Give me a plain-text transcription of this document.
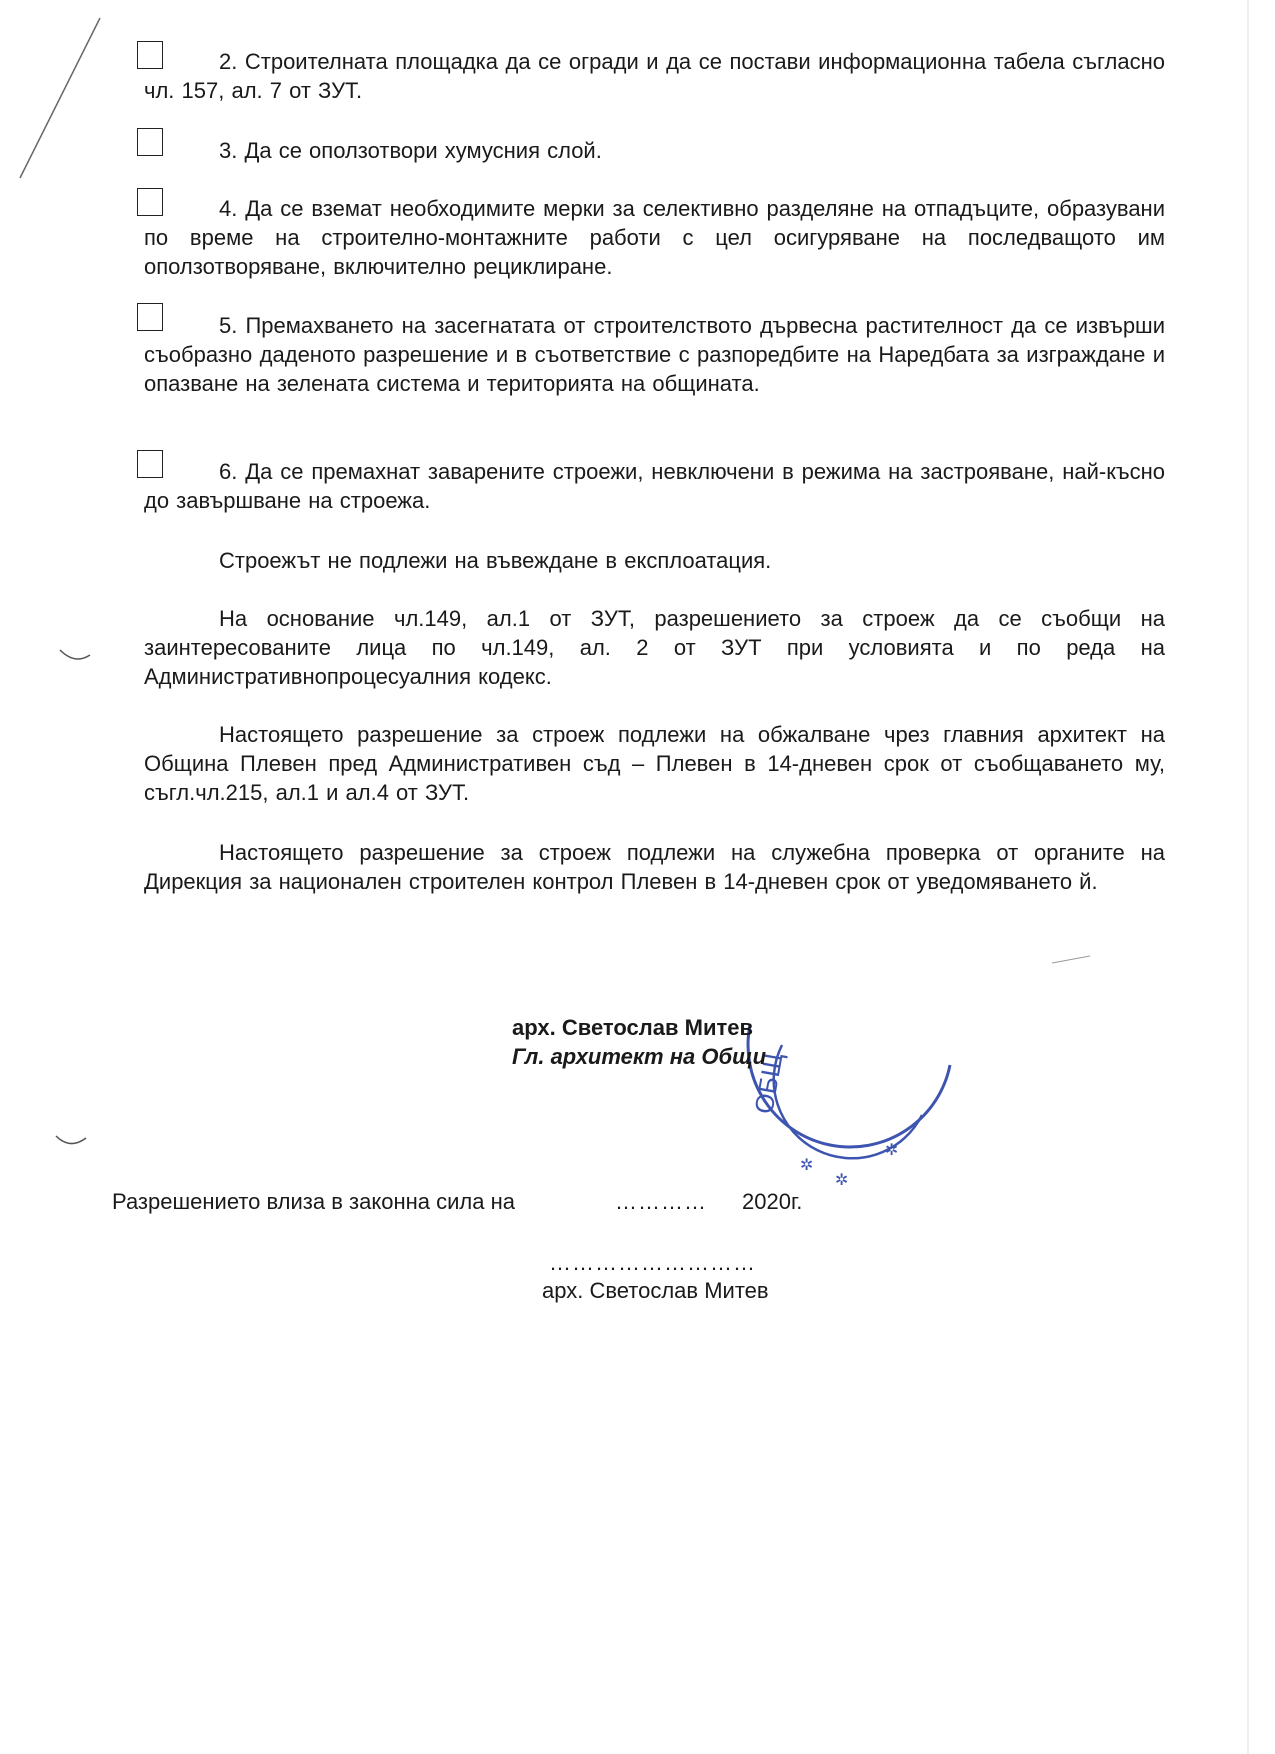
2. Строителната площадка да се огради и да се постави информационна табела съгласно чл. 157, ал. 7 от ЗУТ.

3. Да се оползотвори хумусния слой.

4. Да се вземат необходимите мерки за селективно разделяне на отпадъците, образувани по време на строително-монтажните работи с цел осигуряване на последващото им оползотворяване, включително рециклиране.

5. Премахването на засегнатата от строителството дървесна растителност да се извърши съобразно даденото разрешение и в съответствие с разпоредбите на Наредбата за изграждане и опазване на зелената система и територията на общината.

6. Да се премахнат заварените строежи, невключени в режима на застрояване, най-късно до завършване на строежа.

Строежът не подлежи на въвеждане в експлоатация.

На основание чл.149, ал.1 от ЗУТ, разрешението за строеж да се съобщи на заинтересованите лица по чл.149, ал. 2 от ЗУТ при условията и по реда на Административнопроцесуалния кодекс.

Настоящето разрешение за строеж подлежи на обжалване чрез главния архитект на Община Плевен пред Административен съд – Плевен в 14-дневен срок от съобщаването му, съгл.чл.215, ал.1 и ал.4 от ЗУТ.

Настоящето разрешение за строеж подлежи на служебна проверка от органите на Дирекция за национален строителен контрол Плевен в 14-дневен срок от уведомяването й.

ОБЩ
✲
✲
✲
арх. Светослав Митев
Гл. архитект на Общи
Разрешението влиза в законна сила на	………… 2020г.
………………………
арх. Светослав Митев
